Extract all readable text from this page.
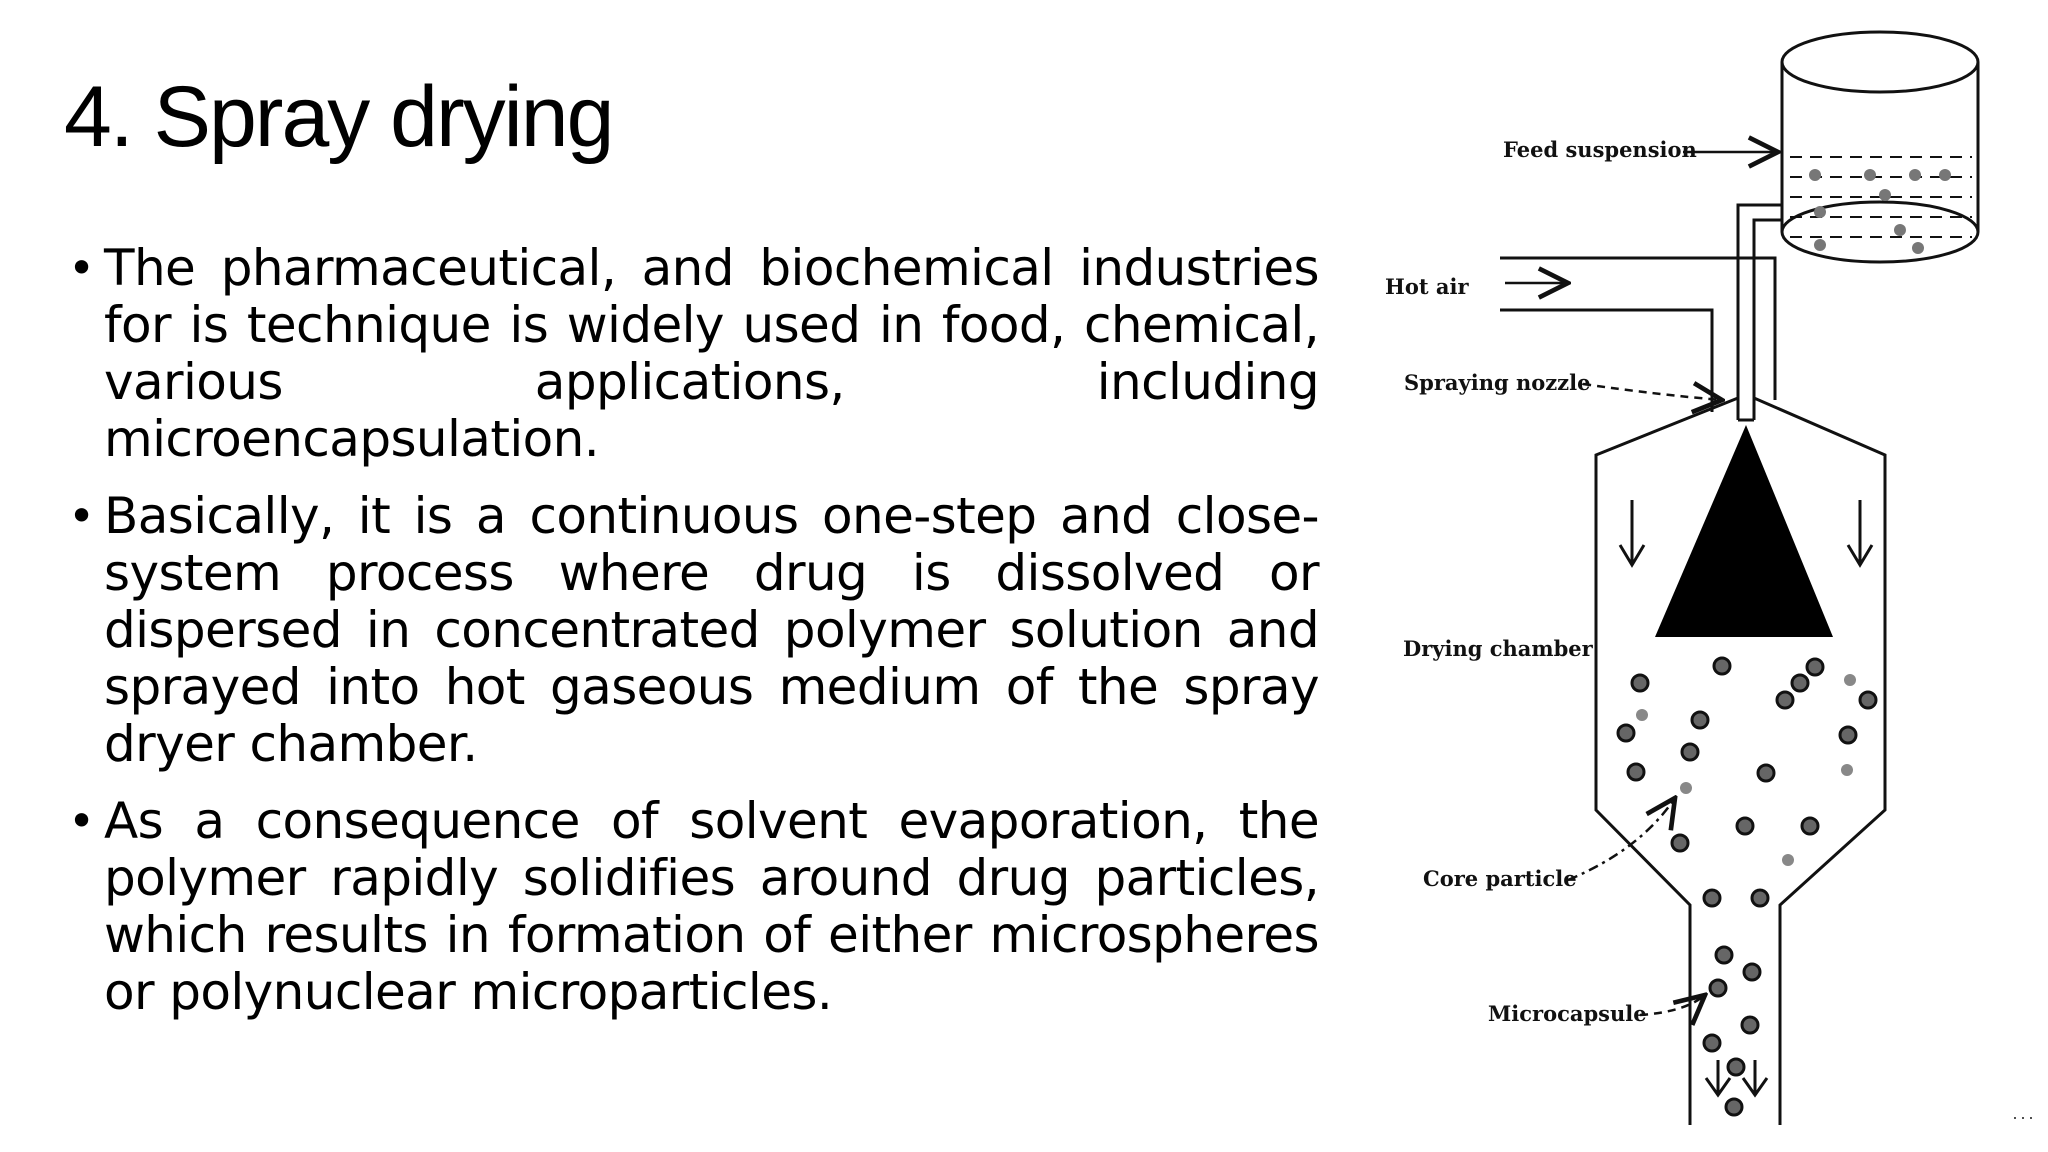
4. Spray drying
• The pharmaceutical, and biochemical industries for is technique is widely used in food, chemical, various applications, including microencapsulation.
• Basically, it is a continuous one-step and close-system process where drug is dissolved or dispersed in concentrated polymer solution and sprayed into hot gaseous medium of the spray dryer chamber.
• As a consequence of solvent evaporation, the polymer rapidly solidifies around drug particles, which results in formation of either microspheres or polynuclear microparticles.
Feed suspension
Hot air
Spraying nozzle
Drying chamber
Core particle
Microcapsule
···
